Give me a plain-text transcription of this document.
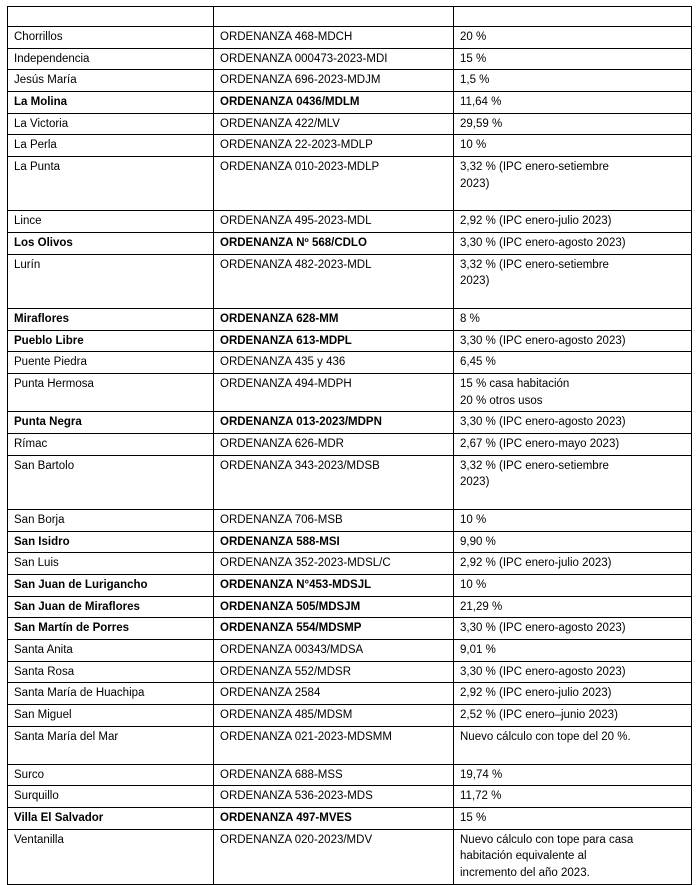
Chorrillos	ORDENANZA 468-MDCH	20 %

Independencia	ORDENANZA 000473-2023-MDI	15 %

Jesús María	ORDENANZA 696-2023-MDJM	1,5 %

La Molina	ORDENANZA 0436/MDLM	11,64 %

La Victoria	ORDENANZA 422/MLV	29,59 %

La Perla	ORDENANZA 22-2023-MDLP	10 %

La Punta	ORDENANZA 010-2023-MDLP	3,32 % (IPC enero-setiembre
2023)

Lince	ORDENANZA 495-2023-MDL	2,92 % (IPC enero-julio 2023)

Los Olivos	ORDENANZA Nº 568/CDLO	3,30 % (IPC enero-agosto 2023)

Lurín	ORDENANZA 482-2023-MDL	3,32 % (IPC enero-setiembre
2023)

Miraflores	ORDENANZA 628-MM	8 %

Pueblo Libre	ORDENANZA 613-MDPL	3,30 % (IPC enero-agosto 2023)

Puente Piedra	ORDENANZA 435 y 436	6,45 %

Punta Hermosa	ORDENANZA 494-MDPH	15 % casa habitación
20 % otros usos

Punta Negra	ORDENANZA 013-2023/MDPN	3,30 % (IPC enero-agosto 2023)

Rímac	ORDENANZA 626-MDR	2,67 % (IPC enero-mayo 2023)

San Bartolo	ORDENANZA 343-2023/MDSB	3,32 % (IPC enero-setiembre
2023)

San Borja	ORDENANZA 706-MSB	10 %

San Isidro	ORDENANZA 588-MSI	9,90 %

San Luis	ORDENANZA 352-2023-MDSL/C	2,92 % (IPC enero-julio 2023)

San Juan de Lurigancho	ORDENANZA N°453-MDSJL	10 %

San Juan de Miraflores	ORDENANZA 505/MDSJM	21,29 %

San Martín de Porres	ORDENANZA 554/MDSMP	3,30 % (IPC enero-agosto 2023)

Santa Anita	ORDENANZA 00343/MDSA	9,01 %

Santa Rosa	ORDENANZA 552/MDSR	3,30 % (IPC enero-agosto 2023)

Santa María de Huachipa	ORDENANZA 2584	2,92 % (IPC enero-julio 2023)

San Miguel	ORDENANZA 485/MDSM	2,52 % (IPC enero–junio 2023)

Santa María del Mar	ORDENANZA 021-2023-MDSMM	Nuevo cálculo con tope del 20 %.

Surco	ORDENANZA 688-MSS	19,74 %

Surquillo	ORDENANZA 536-2023-MDS	11,72 %

Villa El Salvador	ORDENANZA 497-MVES	15 %

Ventanilla	ORDENANZA 020-2023/MDV	Nuevo cálculo con tope para casa
habitación equivalente al
incremento del año 2023.
